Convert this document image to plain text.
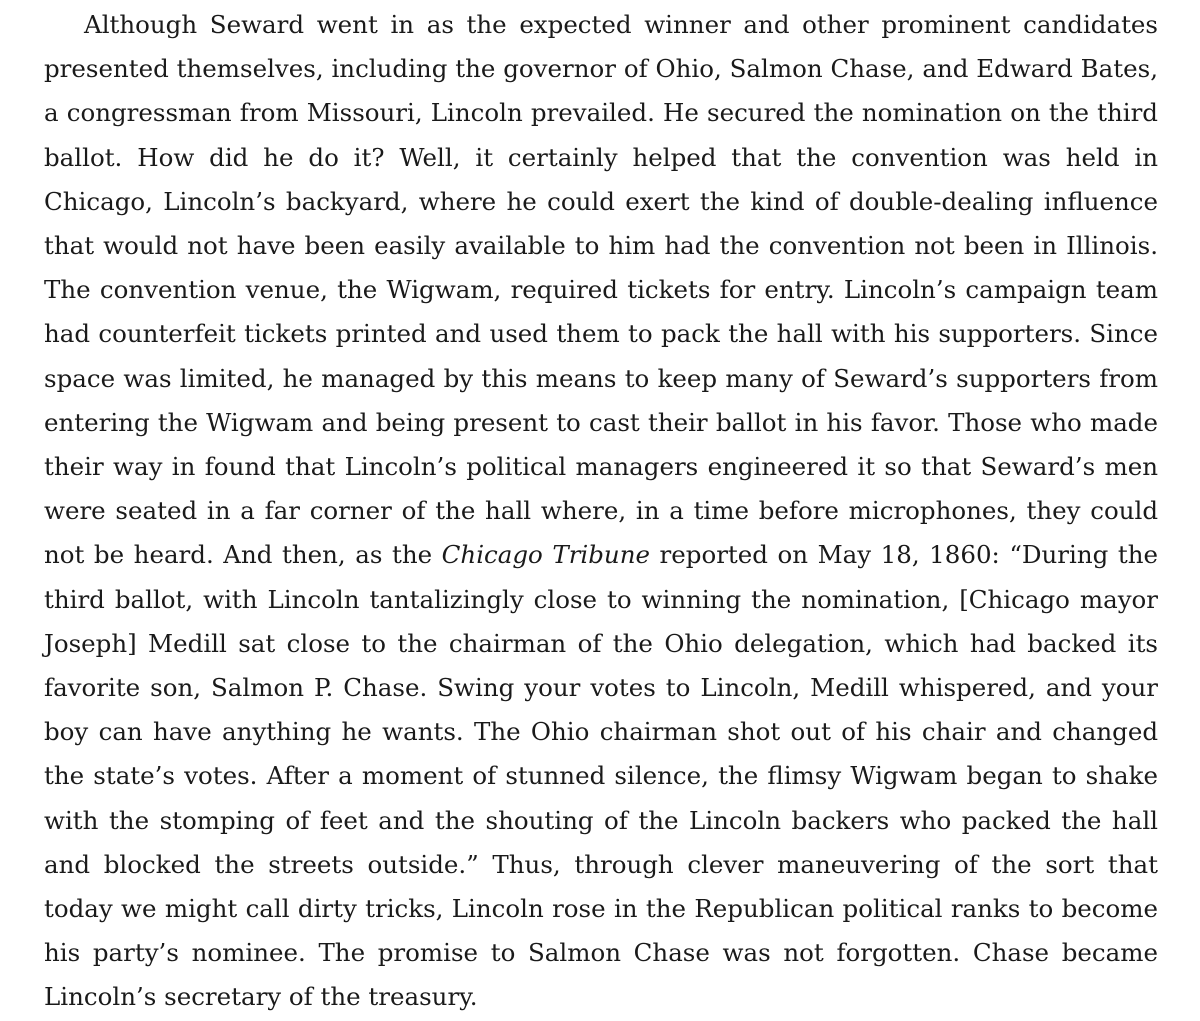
Although Seward went in as the expected winner and other prominent candidates presented themselves, including the governor of Ohio, Salmon Chase, and Edward Bates, a congressman from Missouri, Lincoln prevailed. He secured the nomination on the third ballot. How did he do it? Well, it certainly helped that the convention was held in Chicago, Lincoln’s backyard, where he could exert the kind of double-dealing influence that would not have been easily available to him had the convention not been in Illinois. The convention venue, the Wigwam, required tickets for entry. Lincoln’s campaign team had counterfeit tickets printed and used them to pack the hall with his supporters. Since space was limited, he managed by this means to keep many of Seward’s supporters from entering the Wigwam and being present to cast their ballot in his favor. Those who made their way in found that Lincoln’s political managers engineered it so that Seward’s men were seated in a far corner of the hall where, in a time before microphones, they could not be heard. And then, as the Chicago Tribune reported on May 18, 1860: “During the third ballot, with Lincoln tantalizingly close to winning the nomination, [Chicago mayor Joseph] Medill sat close to the chairman of the Ohio delegation, which had backed its favorite son, Salmon P. Chase. Swing your votes to Lincoln, Medill whispered, and your boy can have anything he wants. The Ohio chairman shot out of his chair and changed the state’s votes. After a moment of stunned silence, the flimsy Wigwam began to shake with the stomping of feet and the shouting of the Lincoln backers who packed the hall and blocked the streets outside.” Thus, through clever maneuvering of the sort that today we might call dirty tricks, Lincoln rose in the Republican political ranks to become his party’s nominee. The promise to Salmon Chase was not forgotten. Chase became Lincoln’s secretary of the treasury.
